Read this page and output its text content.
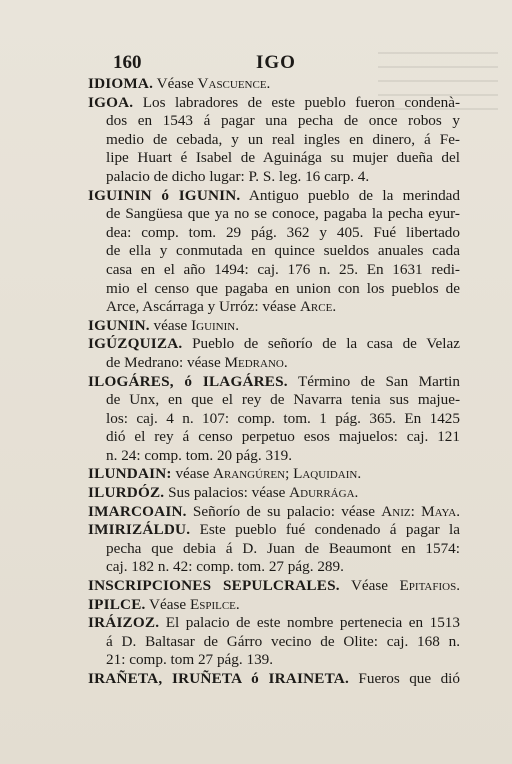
160	IGO
IDIOMA. Véase Vascuence.
IGOA. Los labradores de este pueblo fueron condenà-
dos en 1543 á pagar una pecha de once robos y
medio de cebada, y un real ingles en dinero, á Fe-
lipe Huart é Isabel de Aguinága su mujer dueña del
palacio de dicho lugar: P. S. leg. 16 carp. 4.
IGUININ ó IGUNIN. Antiguo pueblo de la merindad
de Sangüesa que ya no se conoce, pagaba la pecha eyur-
dea: comp. tom. 29 pág. 362 y 405. Fué libertado
de ella y conmutada en quince sueldos anuales cada
casa en el año 1494: caj. 176 n. 25. En 1631 redi-
mio el censo que pagaba en union con los pueblos de
Arce, Ascárraga y Urróz: véase Arce.
IGUNIN. véase Iguinin.
IGÚZQUIZA. Pueblo de señorío de la casa de Velaz
de Medrano: véase Medrano.
ILOGÁRES, ó ILAGÁRES. Término de San Martin
de Unx, en que el rey de Navarra tenia sus majue-
los: caj. 4 n. 107: comp. tom. 1 pág. 365. En 1425
dió el rey á censo perpetuo esos majuelos: caj. 121
n. 24: comp. tom. 20 pág. 319.
ILUNDAIN: véase Arangúren; Laquidain.
ILURDÓZ. Sus palacios: véase Adurrága.
IMARCOAIN. Señorío de su palacio: véase Aniz: Maya.
IMIRIZÁLDU. Este pueblo fué condenado á pagar la
pecha que debia á D. Juan de Beaumont en 1574:
caj. 182 n. 42: comp. tom. 27 pág. 289.
INSCRIPCIONES SEPULCRALES. Véase Epitafios.
IPILCE. Véase Espilce.
IRÁIZOZ. El palacio de este nombre pertenecia en 1513
á D. Baltasar de Gárro vecino de Olite: caj. 168 n.
21: comp. tom 27 pág. 139.
IRAÑETA, IRUÑETA ó IRAINETA. Fueros que dió
